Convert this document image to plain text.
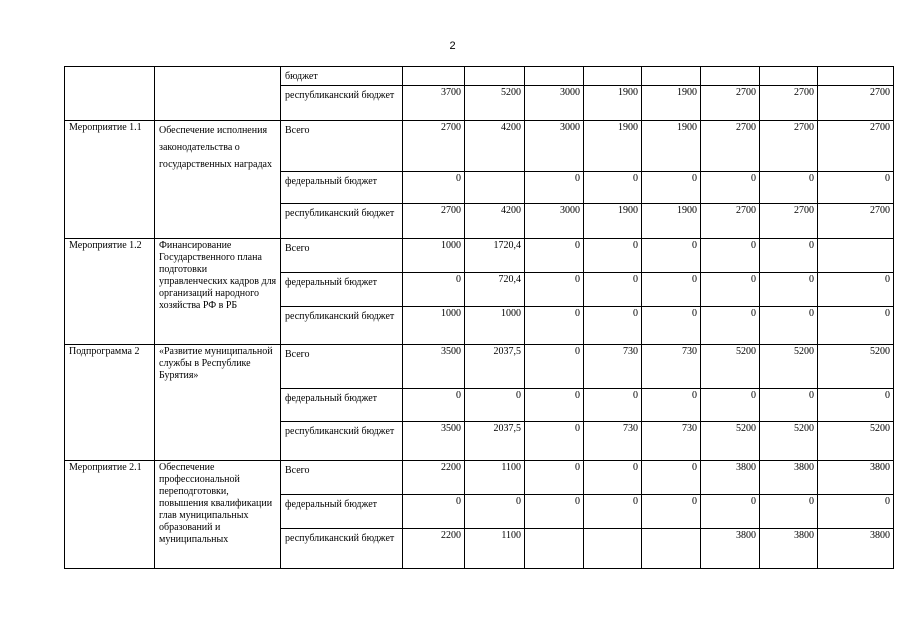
2
		бюджет								
		республиканский бюджет	3700	5200	3000	1900	1900	2700	2700	2700
Мероприятие 1.1	Обеспечение исполнения законодательства о государственных наградах	Всего	2700	4200	3000	1900	1900	2700	2700	2700
		федеральный бюджет	0		0	0	0	0	0	0
		республиканский бюджет	2700	4200	3000	1900	1900	2700	2700	2700
Мероприятие 1.2	Финансирование Государственного плана подготовки управленческих кадров для организаций народного хозяйства РФ в РБ	Всего	1000	1720,4	0	0	0	0	0	
		федеральный бюджет	0	720,4	0	0	0	0	0	0
		республиканский бюджет	1000	1000	0	0	0	0	0	0
Подпрограмма 2	«Развитие муниципальной службы в Республике Бурятия»	Всего	3500	2037,5	0	730	730	5200	5200	5200
		федеральный бюджет	0	0	0	0	0	0	0	0
		республиканский бюджет	3500	2037,5	0	730	730	5200	5200	5200
Мероприятие 2.1	Обеспечение профессиональной переподготовки, повышения квалификации глав муниципальных образований и муниципальных	Всего	2200	1100	0	0	0	3800	3800	3800
		федеральный бюджет	0	0	0	0	0	0	0	0
		республиканский бюджет	2200	1100				3800	3800	3800
